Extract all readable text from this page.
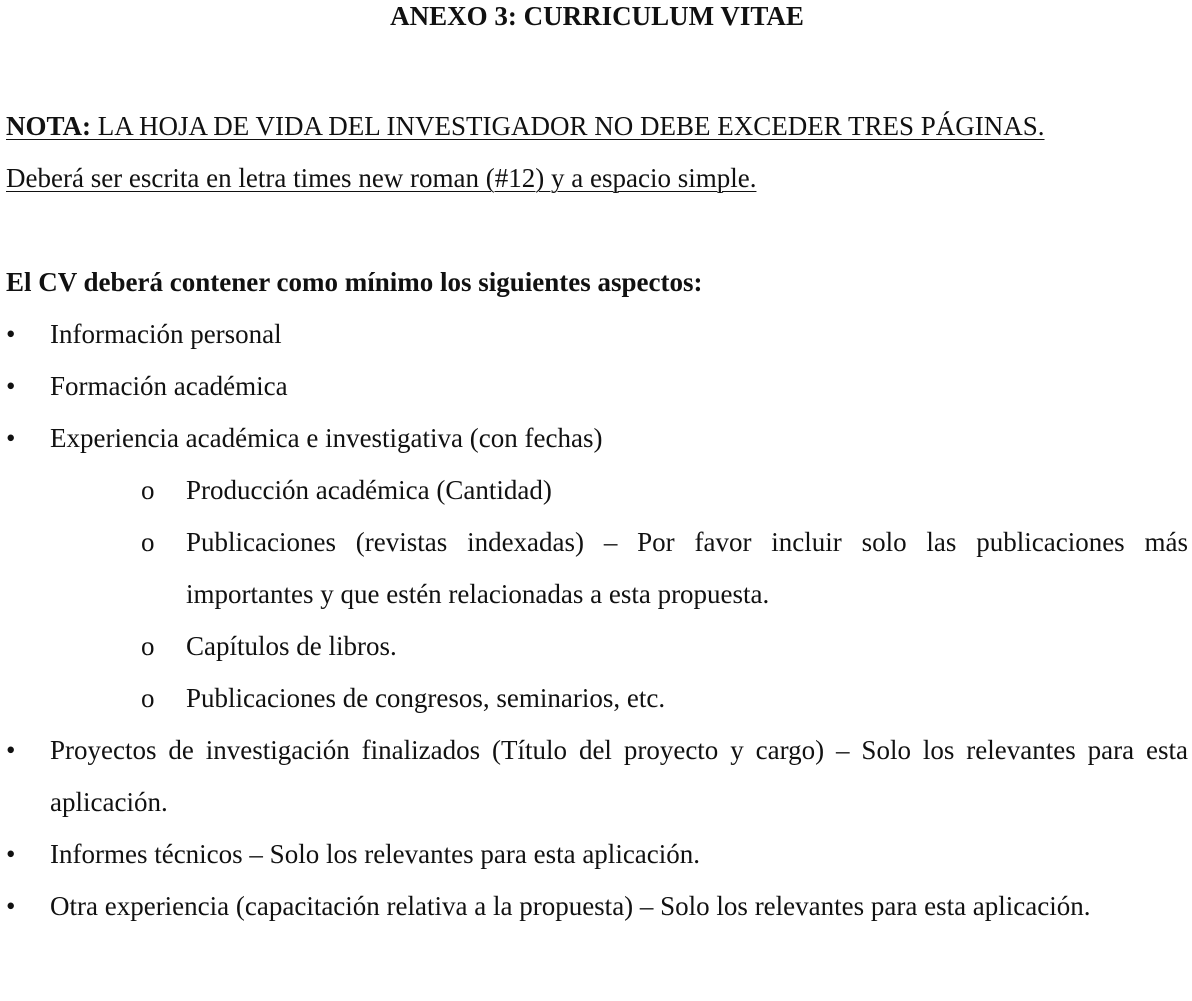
ANEXO 3: CURRICULUM VITAE

NOTA: LA HOJA DE VIDA DEL INVESTIGADOR NO DEBE EXCEDER TRES PÁGINAS.

Deberá ser escrita en letra times new roman (#12) y a espacio simple.

El CV deberá contener como mínimo los siguientes aspectos:

•	Información personal
•	Formación académica
•	Experiencia académica e investigativa (con fechas)
o Producción académica (Cantidad)
o Publicaciones (revistas indexadas) – Por favor incluir solo las publicaciones más importantes y que estén relacionadas a esta propuesta.
o Capítulos de libros.
o Publicaciones de congresos, seminarios, etc.
•	Proyectos de investigación finalizados (Título del proyecto y cargo) – Solo los relevantes para esta aplicación.
•	Informes técnicos – Solo los relevantes para esta aplicación.
•	Otra experiencia (capacitación relativa a la propuesta) – Solo los relevantes para esta aplicación.
